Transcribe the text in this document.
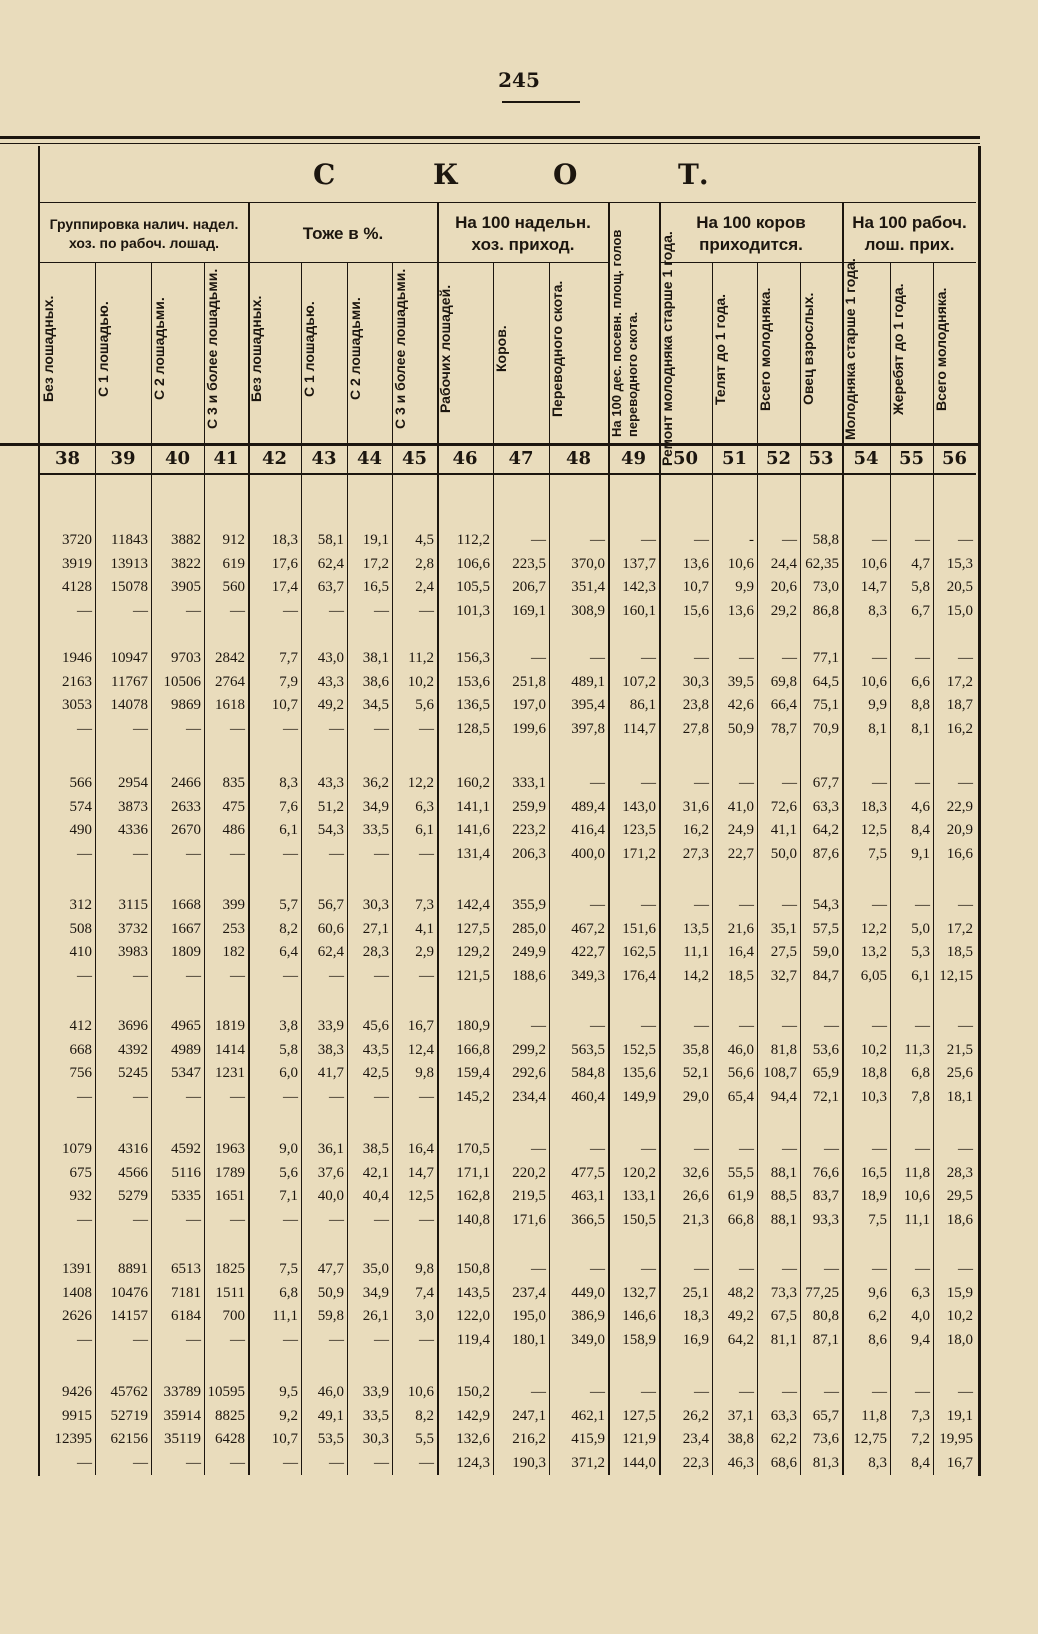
245
С	К	О	Т.
Группировка налич. надел. хоз. по рабоч. лошад.	Тоже в %.
На 100 надельн. хоз. приход.
На 100 коров приходится.
На 100 рабоч. лош. прих.
На 100 дес. посевн. площ. голов переводного скота.
Без лошадных.	С 1 лошадью.	С 2 лошадьми.	С 3 и более лошадьми.	Без лошадных.	С 1 лошадью.	С 2 лошадьми.	С 3 и более лошадьми.	Рабочих лошадей.	Коров.	Переводного скота.	Ремонт молодняка старше 1 года.	Телят до 1 года.	Всего молодняка.	Овец взрослых.	Молодняка старше 1 года.	Жеребят до 1 года.	Всего молодняка.
38	39	40	41	42	43	44	45	46	47	48	49	50	51	52 53	54	55 56
3720	11843	3882	912	18,3	58,1	19,1	4,5	112,2	—	—	—	—	-	—	58,8	—	—	—
3919	13913	3822	619	17,6	62,4	17,2	2,8	106,6	223,5	370,0	137,7	13,6	10,6	24,4 62,35	10,6	4,7	15,3
4128	15078	3905	560	17,4	63,7	16,5	2,4	105,5	206,7	351,4	142,3	10,7	9,9	20,6	73,0	14,7	5,8	20,5
—	—	—	—	—	—	—	—	101,3	169,1	308,9	160,1	15,6	13,6	29,2	86,8	8,3	6,7	15,0
1946	10947	9703 2842	7,7	43,0	38,1	11,2	156,3	—	—	—	—	—	—	77,1	—	—	—
2163	11767	10506 2764	7,9	43,3	38,6	10,2	153,6	251,8	489,1	107,2	30,3	39,5	69,8	64,5	10,6	6,6	17,2
3053	14078	9869 1618	10,7	49,2	34,5	5,6	136,5	197,0	395,4	86,1	23,8	42,6	66,4	75,1	9,9	8,8	18,7
—	—	—	—	—	—	—	—	128,5	199,6	397,8	114,7	27,8	50,9	78,7	70,9	8,1	8,1	16,2
566	2954	2466	835	8,3	43,3	36,2	12,2	160,2	333,1	—	—	—	—	—	67,7	—	—	—
574	3873	2633	475	7,6	51,2	34,9	6,3	141,1	259,9	489,4	143,0	31,6	41,0	72,6	63,3	18,3	4,6	22,9
490	4336	2670	486	6,1	54,3	33,5	6,1	141,6	223,2	416,4	123,5	16,2	24,9	41,1	64,2	12,5	8,4	20,9
—	—	—	—	—	—	—	—	131,4	206,3	400,0	171,2	27,3	22,7	50,0	87,6	7,5	9,1	16,6
312	3115	1668	399	5,7	56,7	30,3	7,3	142,4	355,9	—	—	—	—	—	54,3	—	—	—
508	3732	1667	253	8,2	60,6	27,1	4,1	127,5	285,0	467,2	151,6	13,5	21,6	35,1	57,5	12,2	5,0	17,2
410	3983	1809	182	6,4	62,4	28,3	2,9	129,2	249,9	422,7	162,5	11,1	16,4	27,5	59,0	13,2	5,3	18,5
—	—	—	—	—	—	—	—	121,5	188,6	349,3	176,4	14,2	18,5	32,7	84,7	6,05	6,1 12,15
412	3696	4965 1819	3,8	33,9	45,6	16,7	180,9	—	—	—	—	—	—	—	—	—	—
668	4392	4989 1414	5,8	38,3	43,5	12,4	166,8	299,2	563,5	152,5	35,8	46,0	81,8	53,6	10,2	11,3	21,5
756	5245	5347 1231	6,0	41,7	42,5	9,8	159,4	292,6	584,8	135,6	52,1	56,6 108,7	65,9	18,8	6,8	25,6
—	—	—	—	—	—	—	—	145,2	234,4	460,4	149,9	29,0	65,4	94,4	72,1	10,3	7,8	18,1
1079	4316	4592 1963	9,0	36,1	38,5	16,4	170,5	—	—	—	—	—	—	—	—	—	—
675	4566	5116 1789	5,6	37,6	42,1	14,7	171,1	220,2	477,5	120,2	32,6	55,5	88,1	76,6	16,5	11,8	28,3
932	5279	5335 1651	7,1	40,0	40,4	12,5	162,8	219,5	463,1	133,1	26,6	61,9	88,5	83,7	18,9	10,6	29,5
—	—	—	—	—	—	—	—	140,8	171,6	366,5	150,5	21,3	66,8	88,1	93,3	7,5	11,1	18,6
1391	8891	6513 1825	7,5	47,7	35,0	9,8	150,8	—	—	—	—	—	—	—	—	—	—
1408	10476	7181 1511	6,8	50,9	34,9	7,4	143,5	237,4	449,0	132,7	25,1	48,2	73,3 77,25	9,6	6,3	15,9
2626	14157	6184	700	11,1	59,8	26,1	3,0	122,0	195,0	386,9	146,6	18,3	49,2	67,5	80,8	6,2	4,0	10,2
—	—	—	—	—	—	—	—	119,4	180,1	349,0	158,9	16,9	64,2	81,1	87,1	8,6	9,4	18,0
9426	45762	33789 10595	9,5	46,0	33,9	10,6	150,2	—	—	—	—	—	—	—	—	—	—
9915	52719	35914 8825	9,2	49,1	33,5	8,2	142,9	247,1	462,1	127,5	26,2	37,1	63,3	65,7	11,8	7,3	19,1
12395	62156	35119 6428	10,7	53,5	30,3	5,5	132,6	216,2	415,9	121,9	23,4	38,8	62,2	73,6 12,75	7,2 19,95
—	—	—	—	—	—	—	—	124,3	190,3	371,2	144,0	22,3	46,3	68,6	81,3	8,3	8,4	16,7
